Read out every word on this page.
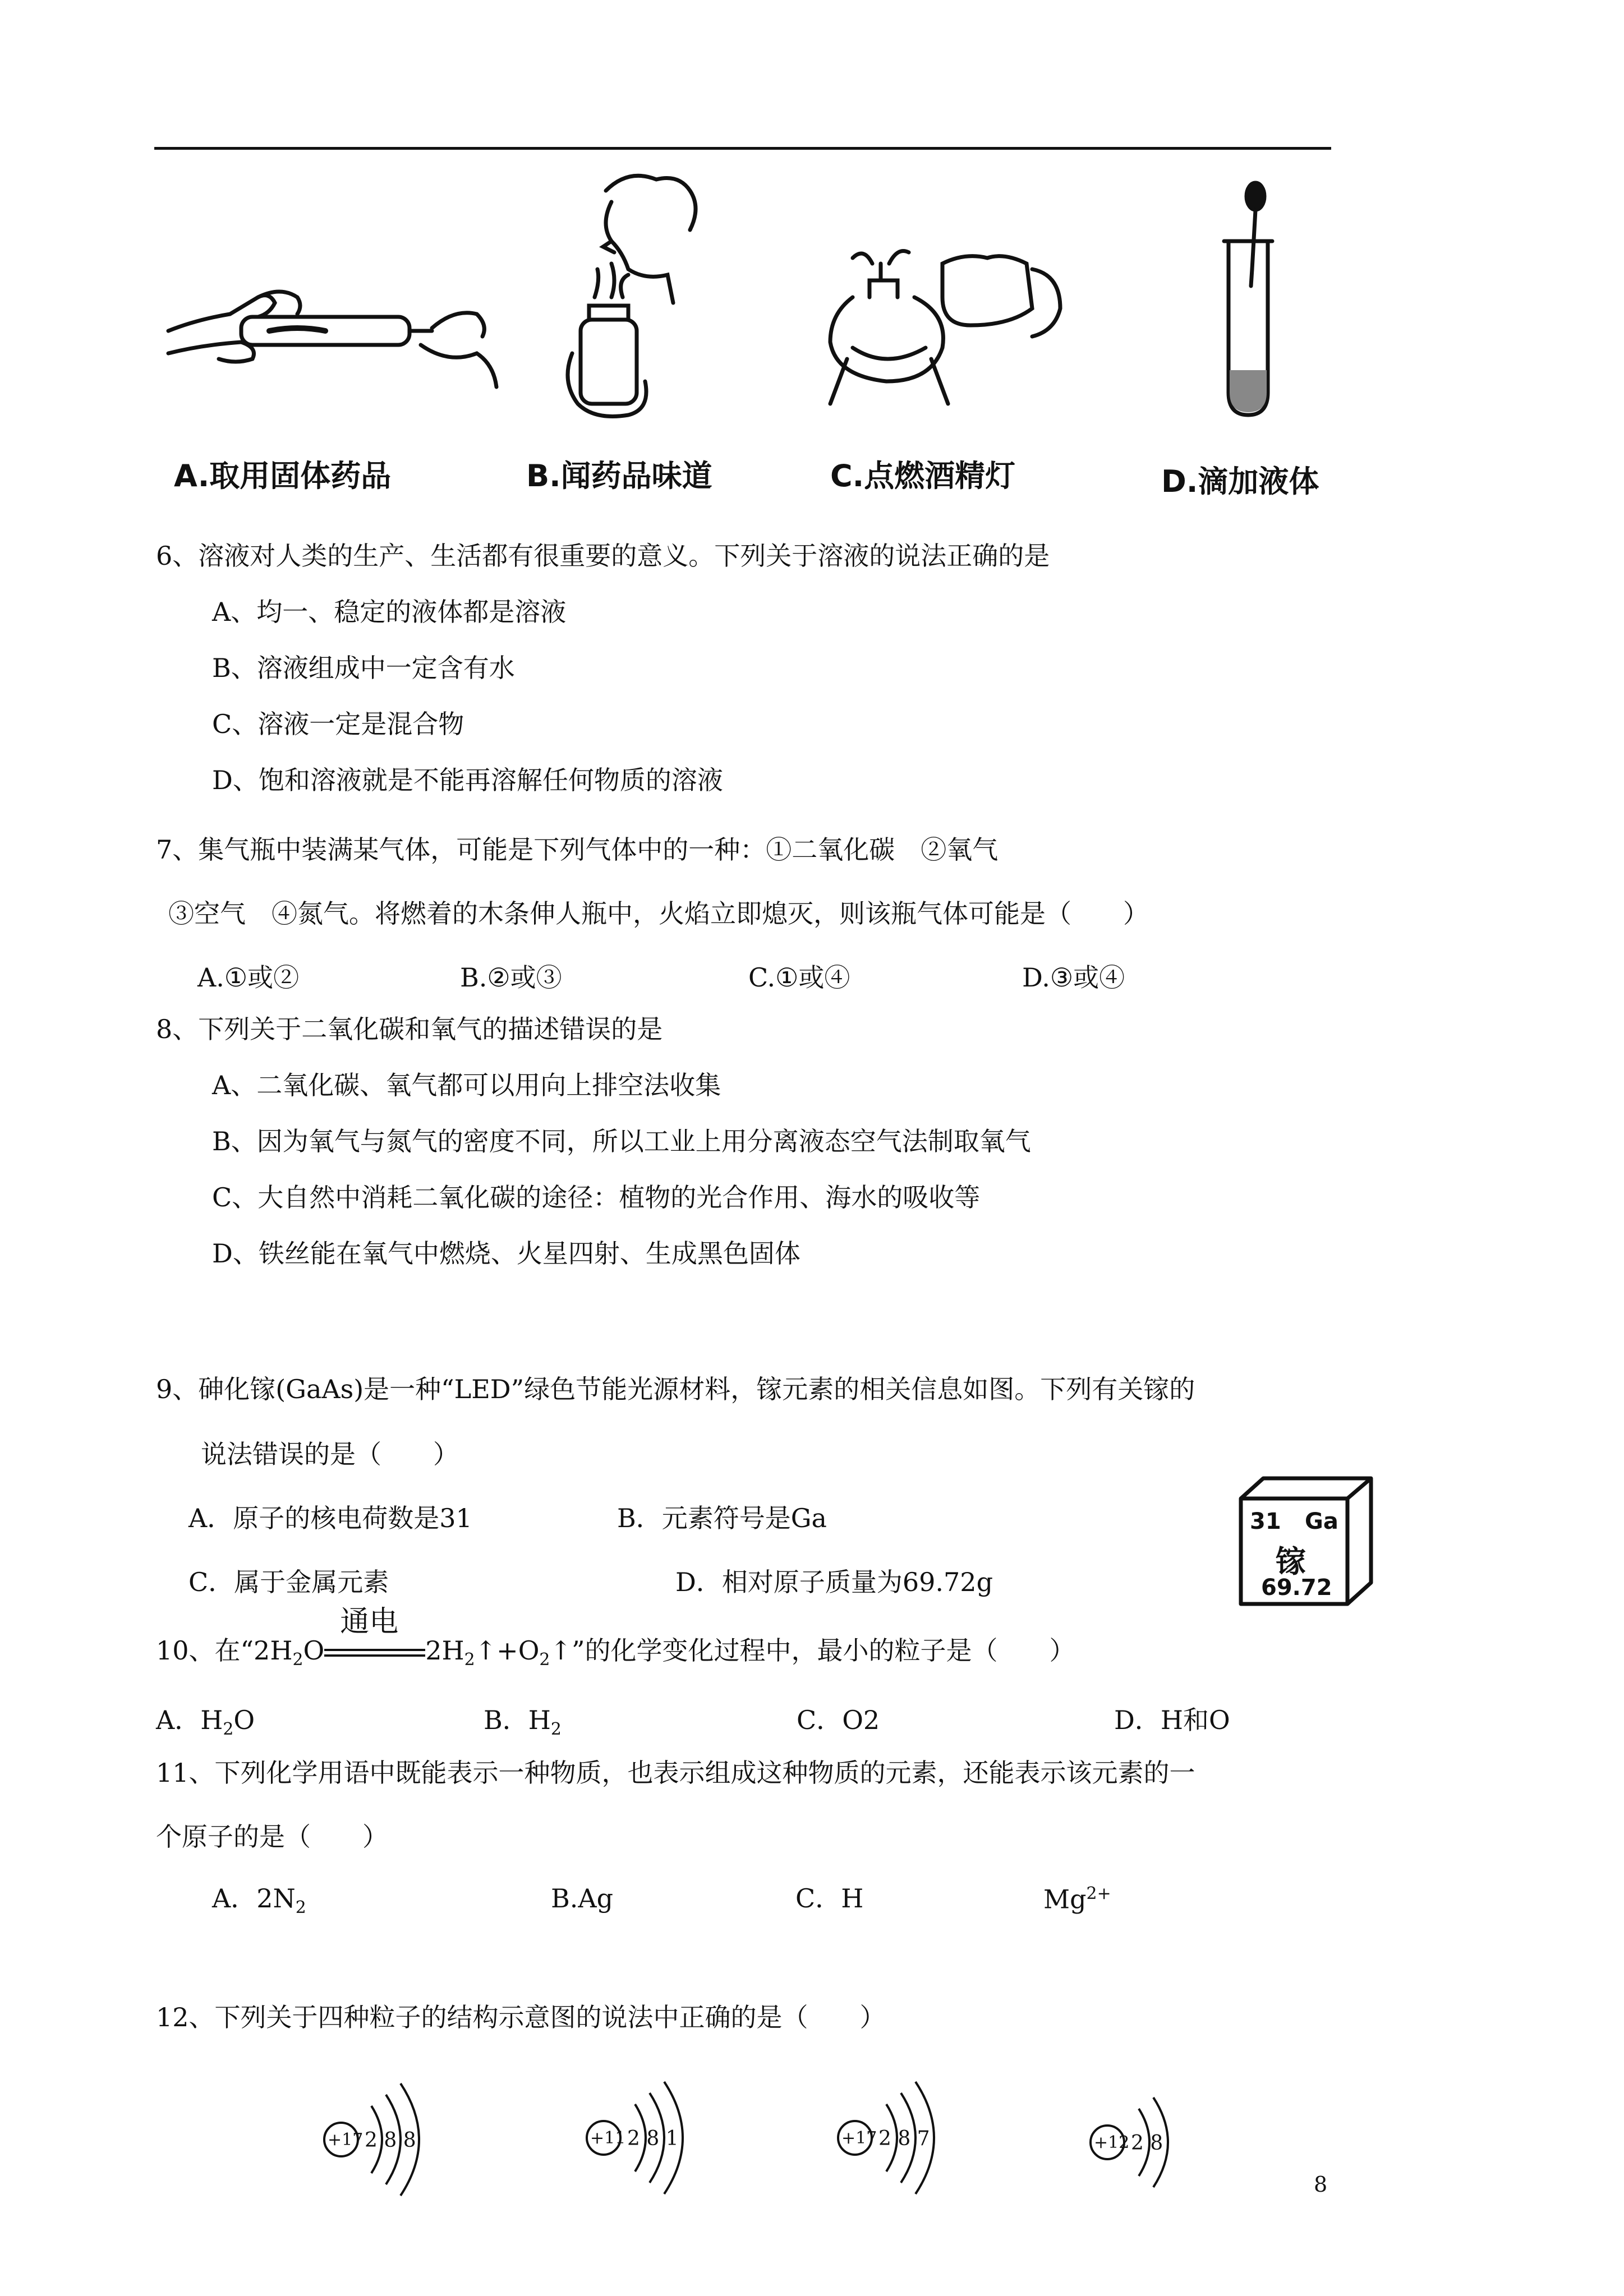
A.取用固体药品	B.闻药品味道	C.点燃酒精灯	D.滴加液体
6、溶液对人类的生产、生活都有很重要的意义。下列关于溶液的说法正确的是
A、均一、稳定的液体都是溶液
B、溶液组成中一定含有水
C、溶液一定是混合物
D、饱和溶液就是不能再溶解任何物质的溶液
7、集气瓶中装满某气体，可能是下列气体中的一种：①二氧化碳　②氧气
③空气　④氮气。将燃着的木条伸人瓶中，火焰立即熄灭，则该瓶气体可能是（　　）
A.①或②	B.②或③	C.①或④	D.③或④
8、下列关于二氧化碳和氧气的描述错误的是
A、二氧化碳、氧气都可以用向上排空法收集
B、因为氧气与氮气的密度不同，所以工业上用分离液态空气法制取氧气
C、大自然中消耗二氧化碳的途径：植物的光合作用、海水的吸收等
D、铁丝能在氧气中燃烧、火星四射、生成黑色固体
9、砷化镓(GaAs)是一种“LED”绿色节能光源材料，镓元素的相关信息如图。下列有关镓的
说法错误的是（　　）
A．原子的核电荷数是31	B．元素符号是Ga
C．属于金属元素	D．相对原子质量为69.72g
31 Ga
镓
69.72
10、在“$2H_2O$
通电
$2H_2↑+O_2↑$”的化学变化过程中，最小的粒子是（　　）
A．$H_2O$	B．$H_2$	C．O2	D．H和O
11、下列化学用语中既能表示一种物质，也表示组成这种物质的元素，还能表示该元素的一
个原子的是（　　）
A．$2N_2$	B.Ag	C．H	$Mg^{2+}$
12、下列关于四种粒子的结构示意图的说法中正确的是（　　）
+17 2 8 8	+11 2 8 1	+17 2 8 7	+12 2 8
8
